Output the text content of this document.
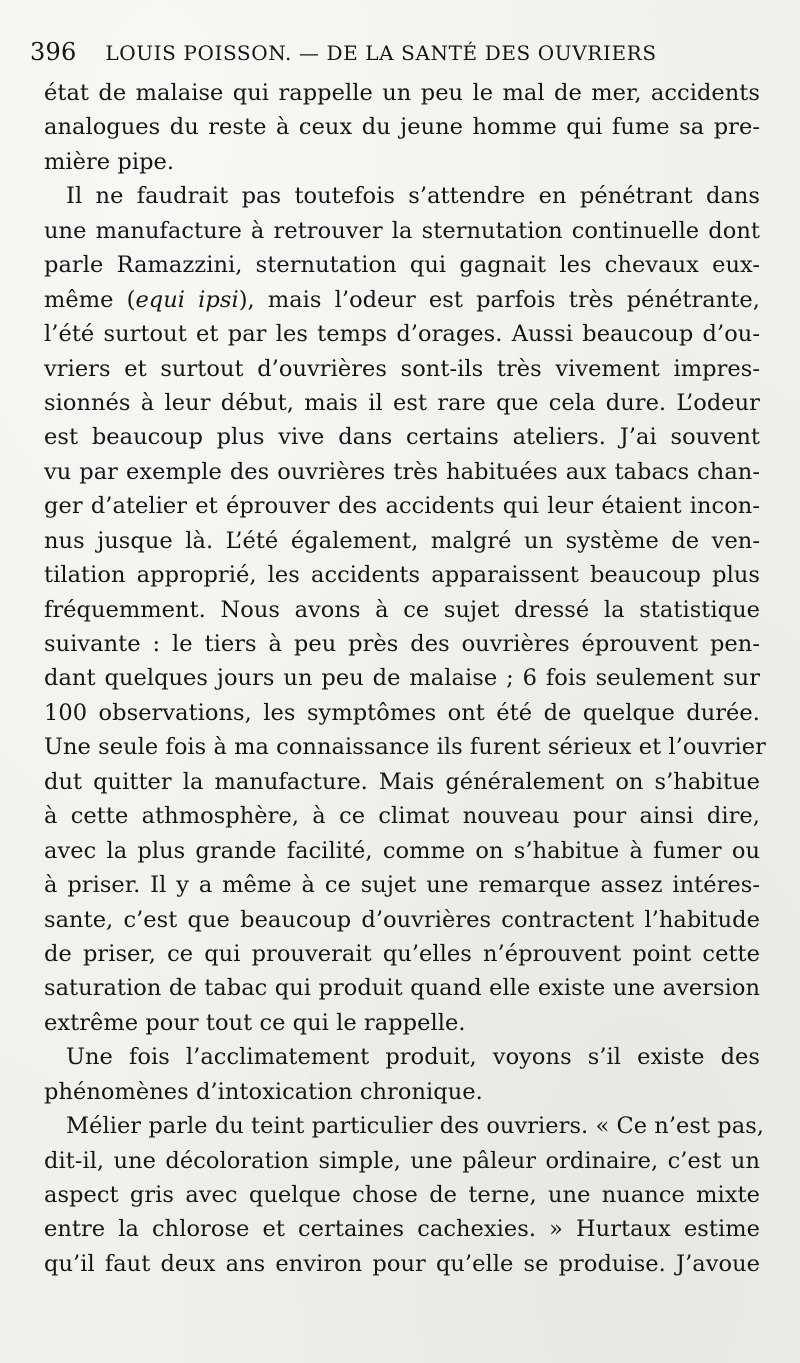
396 LOUIS POISSON. — DE LA SANTÉ DES OUVRIERS
état de malaise qui rappelle un peu le mal de mer, accidents
analogues du reste à ceux du jeune homme qui fume sa pre-
mière pipe.
Il ne faudrait pas toutefois s’attendre en pénétrant dans
une manufacture à retrouver la sternutation continuelle dont
parle Ramazzini, sternutation qui gagnait les chevaux eux-
même (equi ipsi), mais l’odeur est parfois très pénétrante,
l’été surtout et par les temps d’orages. Aussi beaucoup d’ou-
vriers et surtout d’ouvrières sont-ils très vivement impres-
sionnés à leur début, mais il est rare que cela dure. L’odeur
est beaucoup plus vive dans certains ateliers. J’ai souvent
vu par exemple des ouvrières très habituées aux tabacs chan-
ger d’atelier et éprouver des accidents qui leur étaient incon-
nus jusque là. L’été également, malgré un système de ven-
tilation approprié, les accidents apparaissent beaucoup plus
fréquemment. Nous avons à ce sujet dressé la statistique
suivante : le tiers à peu près des ouvrières éprouvent pen-
dant quelques jours un peu de malaise ; 6 fois seulement sur
100 observations, les symptômes ont été de quelque durée.
Une seule fois à ma connaissance ils furent sérieux et l’ouvrier
dut quitter la manufacture. Mais généralement on s’habitue
à cette athmosphère, à ce climat nouveau pour ainsi dire,
avec la plus grande facilité, comme on s’habitue à fumer ou
à priser. Il y a même à ce sujet une remarque assez intéres-
sante, c’est que beaucoup d’ouvrières contractent l’habitude
de priser, ce qui prouverait qu’elles n’éprouvent point cette
saturation de tabac qui produit quand elle existe une aversion
extrême pour tout ce qui le rappelle.
Une fois l’acclimatement produit, voyons s’il existe des
phénomènes d’intoxication chronique.
Mélier parle du teint particulier des ouvriers. « Ce n’est pas,
dit-il, une décoloration simple, une pâleur ordinaire, c’est un
aspect gris avec quelque chose de terne, une nuance mixte
entre la chlorose et certaines cachexies. » Hurtaux estime
qu’il faut deux ans environ pour qu’elle se produise. J’avoue
